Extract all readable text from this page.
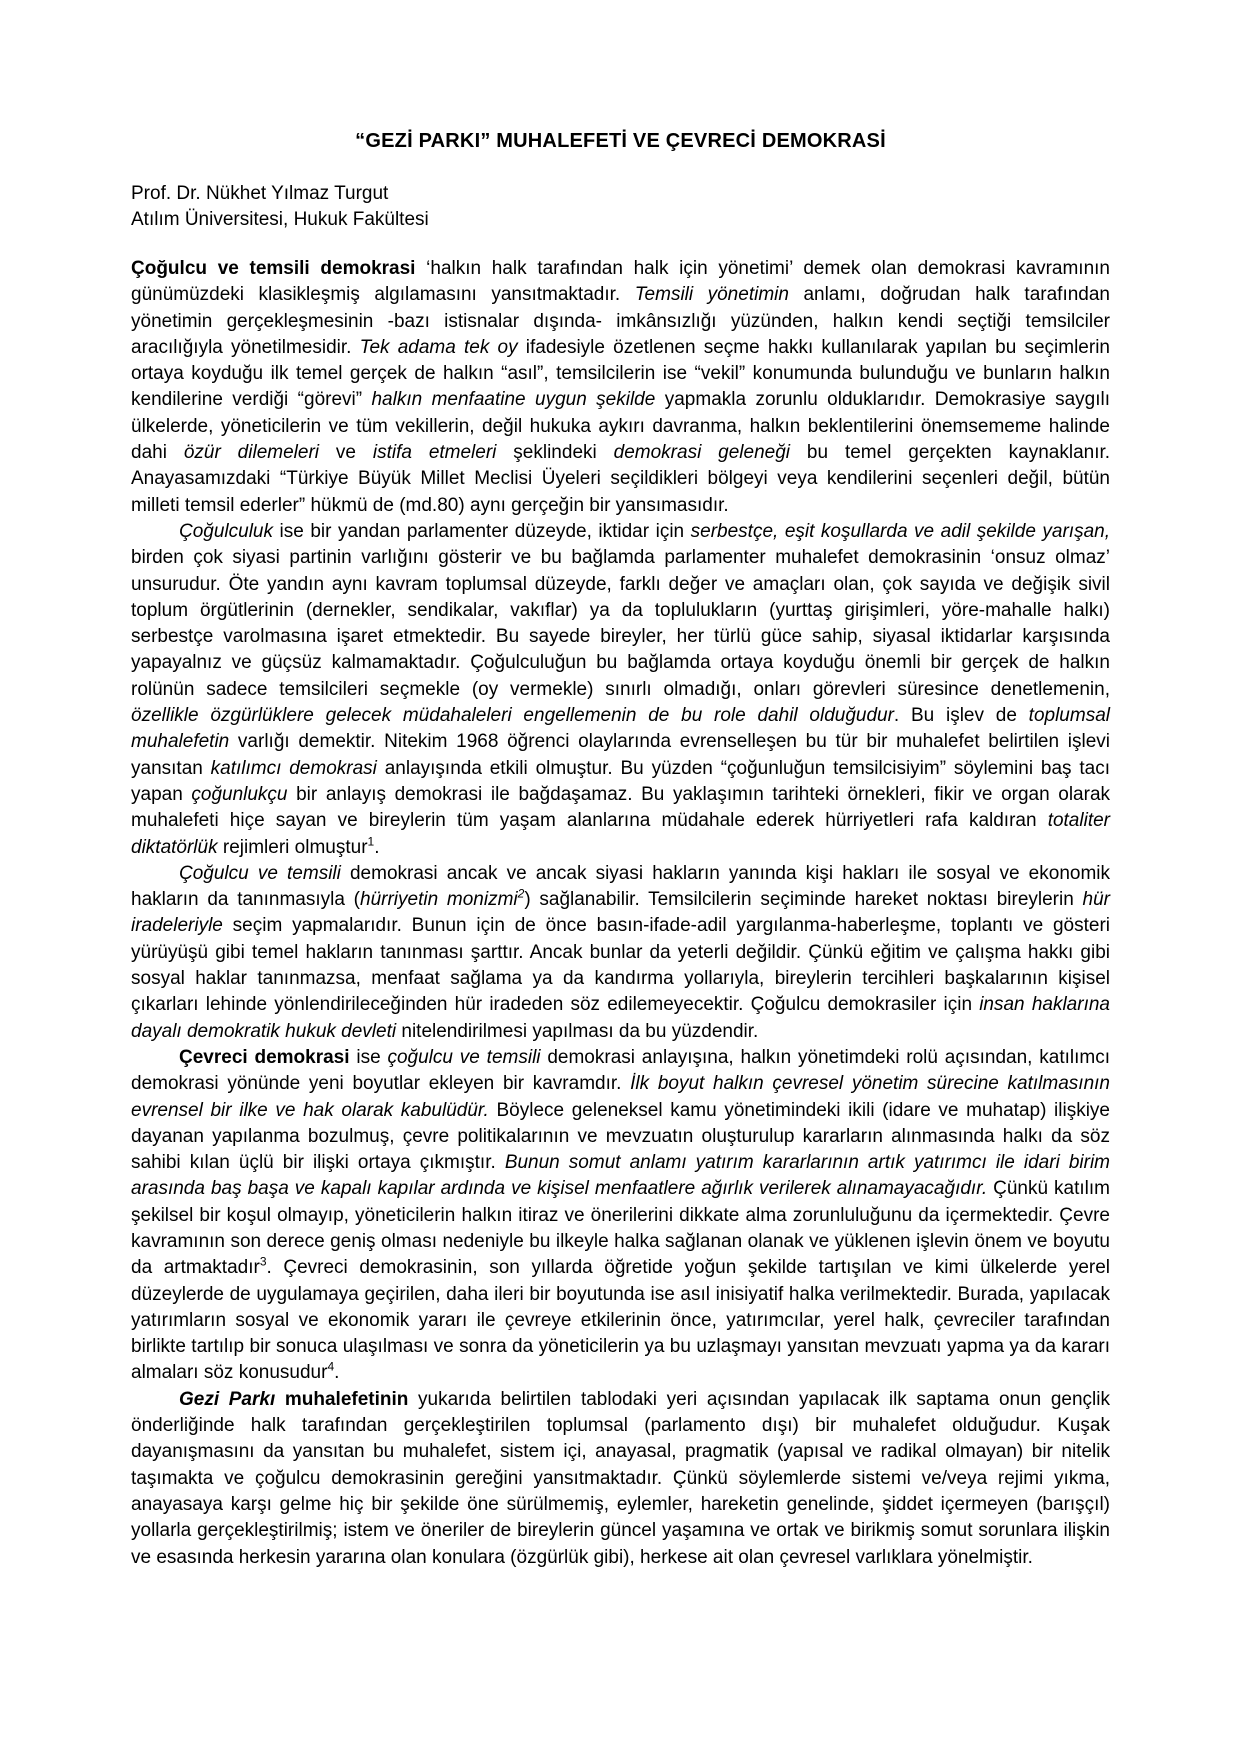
“GEZİ PARKI” MUHALEFETİ VE ÇEVRECİ DEMOKRASİ
Prof. Dr. Nükhet Yılmaz Turgut
Atılım Üniversitesi, Hukuk Fakültesi

Çoğulcu ve temsili demokrasi ‘halkın halk tarafından halk için yönetimi’ demek olan demokrasi kavramının günümüzdeki klasikleşmiş algılamasını yansıtmaktadır. Temsili yönetimin anlamı, doğrudan halk tarafından yönetimin gerçekleşmesinin -bazı istisnalar dışında- imkânsızlığı yüzünden, halkın kendi seçtiği temsilciler aracılığıyla yönetilmesidir. Tek adama tek oy ifadesiyle özetlenen seçme hakkı kullanılarak yapılan bu seçimlerin ortaya koyduğu ilk temel gerçek de halkın “asıl”, temsilcilerin ise “vekil” konumunda bulunduğu ve bunların halkın kendilerine verdiği “görevi” halkın menfaatine uygun şekilde yapmakla zorunlu olduklarıdır. Demokrasiye saygılı ülkelerde, yöneticilerin ve tüm vekillerin, değil hukuka aykırı davranma, halkın beklentilerini önemsememe halinde dahi özür dilemeleri ve istifa etmeleri şeklindeki demokrasi geleneği bu temel gerçekten kaynaklanır. Anayasamızdaki “Türkiye Büyük Millet Meclisi Üyeleri seçildikleri bölgeyi veya kendilerini seçenleri değil, bütün milleti temsil ederler” hükmü de (md.80) aynı gerçeğin bir yansımasıdır.

Çoğulculuk ise bir yandan parlamenter düzeyde, iktidar için serbestçe, eşit koşullarda ve adil şekilde yarışan, birden çok siyasi partinin varlığını gösterir ve bu bağlamda parlamenter muhalefet demokrasinin ‘onsuz olmaz’ unsurudur. Öte yandın aynı kavram toplumsal düzeyde, farklı değer ve amaçları olan, çok sayıda ve değişik sivil toplum örgütlerinin (dernekler, sendikalar, vakıflar) ya da toplulukların (yurttaş girişimleri, yöre-mahalle halkı) serbestçe varolmasına işaret etmektedir. Bu sayede bireyler, her türlü güce sahip, siyasal iktidarlar karşısında yapayalnız ve güçsüz kalmamaktadır. Çoğulculuğun bu bağlamda ortaya koyduğu önemli bir gerçek de halkın rolünün sadece temsilcileri seçmekle (oy vermekle) sınırlı olmadığı, onları görevleri süresince denetlemenin, özellikle özgürlüklere gelecek müdahaleleri engellemenin de bu role dahil olduğudur. Bu işlev de toplumsal muhalefetin varlığı demektir. Nitekim 1968 öğrenci olaylarında evrenselleşen bu tür bir muhalefet belirtilen işlevi yansıtan katılımcı demokrasi anlayışında etkili olmuştur. Bu yüzden “çoğunluğun temsilcisiyim” söylemini baş tacı yapan çoğunlukçu bir anlayış demokrasi ile bağdaşamaz. Bu yaklaşımın tarihteki örnekleri, fikir ve organ olarak muhalefeti hiçe sayan ve bireylerin tüm yaşam alanlarına müdahale ederek hürriyetleri rafa kaldıran totaliter diktatörlük rejimleri olmuştur$^1$.

Çoğulcu ve temsili demokrasi ancak ve ancak siyasi hakların yanında kişi hakları ile sosyal ve ekonomik hakların da tanınmasıyla (hürriyetin monizmi$^2$) sağlanabilir. Temsilcilerin seçiminde hareket noktası bireylerin hür iradeleriyle seçim yapmalarıdır. Bunun için de önce basın-ifade-adil yargılanma-haberleşme, toplantı ve gösteri yürüyüşü gibi temel hakların tanınması şarttır. Ancak bunlar da yeterli değildir. Çünkü eğitim ve çalışma hakkı gibi sosyal haklar tanınmazsa, menfaat sağlama ya da kandırma yollarıyla, bireylerin tercihleri başkalarının kişisel çıkarları lehinde yönlendirileceğinden hür iradeden söz edilemeyecektir. Çoğulcu demokrasiler için insan haklarına dayalı demokratik hukuk devleti nitelendirilmesi yapılması da bu yüzdendir.

Çevreci demokrasi ise çoğulcu ve temsili demokrasi anlayışına, halkın yönetimdeki rolü açısından, katılımcı demokrasi yönünde yeni boyutlar ekleyen bir kavramdır. İlk boyut halkın çevresel yönetim sürecine katılmasının evrensel bir ilke ve hak olarak kabulüdür. Böylece geleneksel kamu yönetimindeki ikili (idare ve muhatap) ilişkiye dayanan yapılanma bozulmuş, çevre politikalarının ve mevzuatın oluşturulup kararların alınmasında halkı da söz sahibi kılan üçlü bir ilişki ortaya çıkmıştır. Bunun somut anlamı yatırım kararlarının artık yatırımcı ile idari birim arasında baş başa ve kapalı kapılar ardında ve kişisel menfaatlere ağırlık verilerek alınamayacağıdır. Çünkü katılım şekilsel bir koşul olmayıp, yöneticilerin halkın itiraz ve önerilerini dikkate alma zorunluluğunu da içermektedir. Çevre kavramının son derece geniş olması nedeniyle bu ilkeyle halka sağlanan olanak ve yüklenen işlevin önem ve boyutu da artmaktadır$^3$. Çevreci demokrasinin, son yıllarda öğretide yoğun şekilde tartışılan ve kimi ülkelerde yerel düzeylerde de uygulamaya geçirilen, daha ileri bir boyutunda ise asıl inisiyatif halka verilmektedir. Burada, yapılacak yatırımların sosyal ve ekonomik yararı ile çevreye etkilerinin önce, yatırımcılar, yerel halk, çevreciler tarafından birlikte tartılıp bir sonuca ulaşılması ve sonra da yöneticilerin ya bu uzlaşmayı yansıtan mevzuatı yapma ya da kararı almaları söz konusudur$^4$.

Gezi Parkı muhalefetinin yukarıda belirtilen tablodaki yeri açısından yapılacak ilk saptama onun gençlik önderliğinde halk tarafından gerçekleştirilen toplumsal (parlamento dışı) bir muhalefet olduğudur. Kuşak dayanışmasını da yansıtan bu muhalefet, sistem içi, anayasal, pragmatik (yapısal ve radikal olmayan) bir nitelik taşımakta ve çoğulcu demokrasinin gereğini yansıtmaktadır. Çünkü söylemlerde sistemi ve/veya rejimi yıkma, anayasaya karşı gelme hiç bir şekilde öne sürülmemiş, eylemler, hareketin genelinde, şiddet içermeyen (barışçıl) yollarla gerçekleştirilmiş; istem ve öneriler de bireylerin güncel yaşamına ve ortak ve birikmiş somut sorunlara ilişkin ve esasında herkesin yararına olan konulara (özgürlük gibi), herkese ait olan çevresel varlıklara yönelmiştir.
